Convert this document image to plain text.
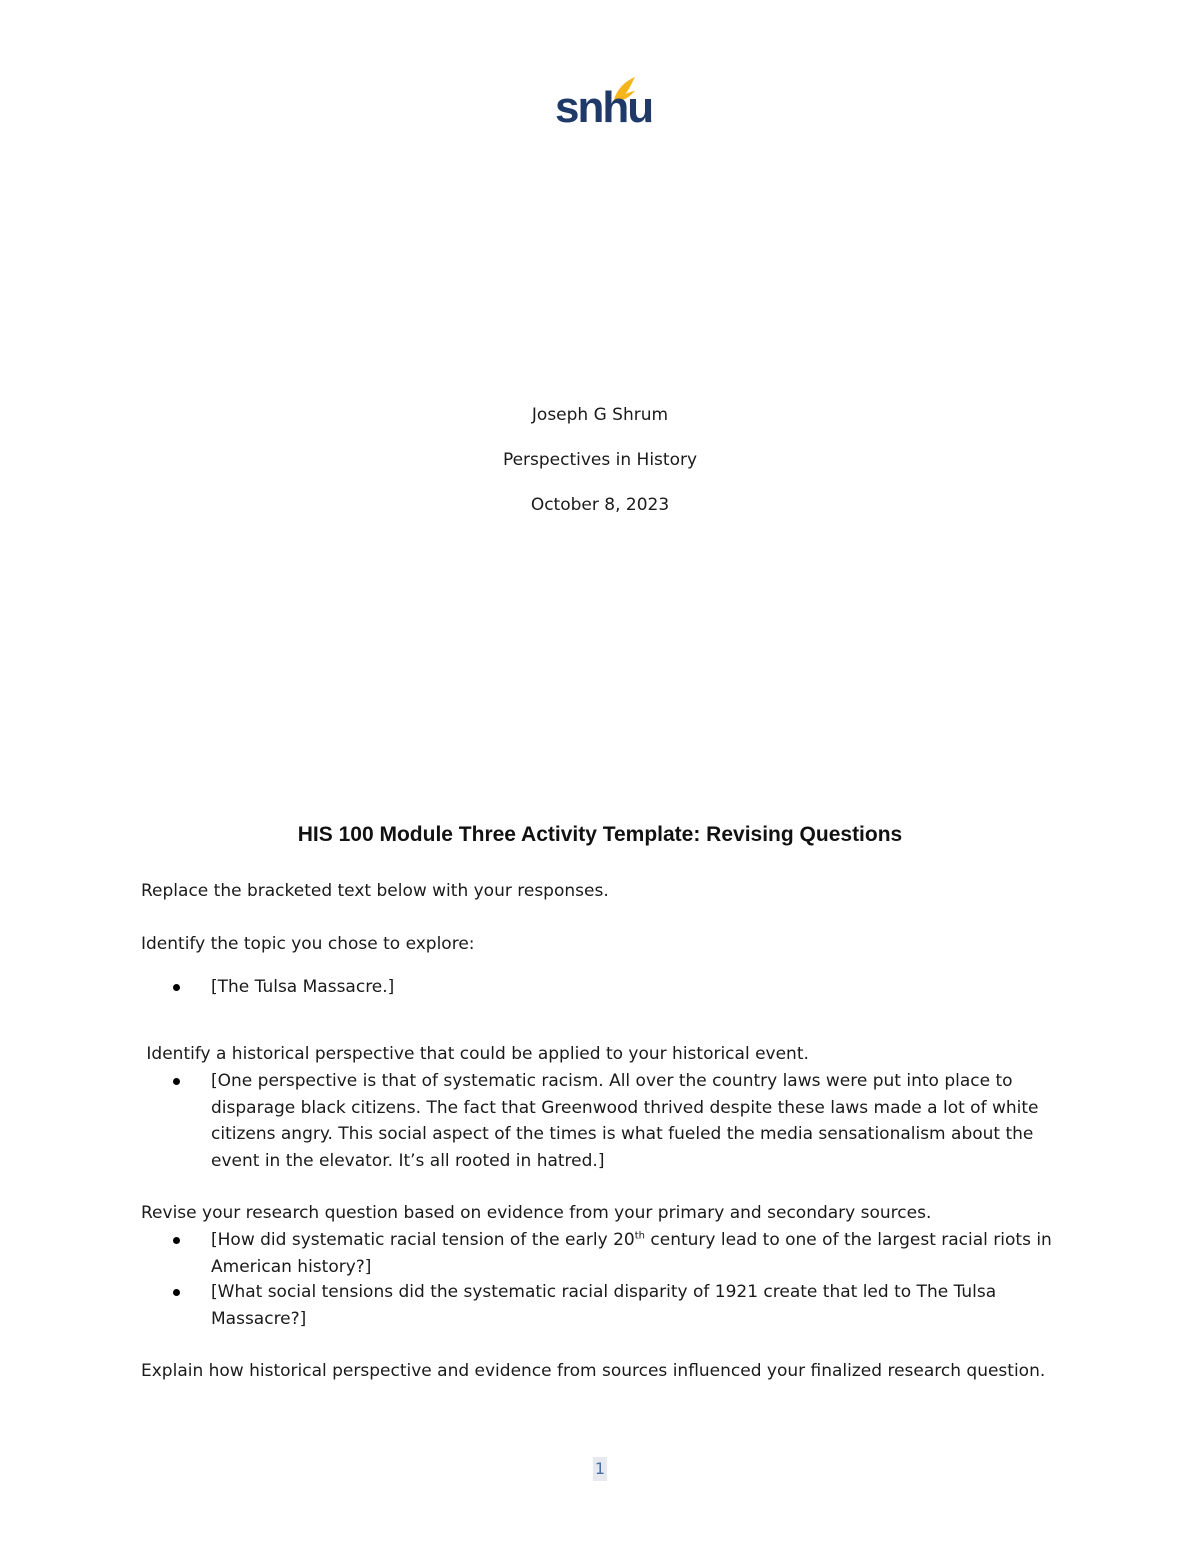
snhu
Joseph G Shrum
Perspectives in History
October 8, 2023
HIS 100 Module Three Activity Template: Revising Questions
Replace the bracketed text below with your responses.
Identify the topic you chose to explore:
[The Tulsa Massacre.]
Identify a historical perspective that could be applied to your historical event.
[One perspective is that of systematic racism. All over the country laws were put into place to disparage black citizens. The fact that Greenwood thrived despite these laws made a lot of white citizens angry. This social aspect of the times is what fueled the media sensationalism about the event in the elevator. It’s all rooted in hatred.]
Revise your research question based on evidence from your primary and secondary sources.
[How did systematic racial tension of the early 20th century lead to one of the largest racial riots in American history?]
[What social tensions did the systematic racial disparity of 1921 create that led to The Tulsa Massacre?]
Explain how historical perspective and evidence from sources influenced your finalized research question.
1
